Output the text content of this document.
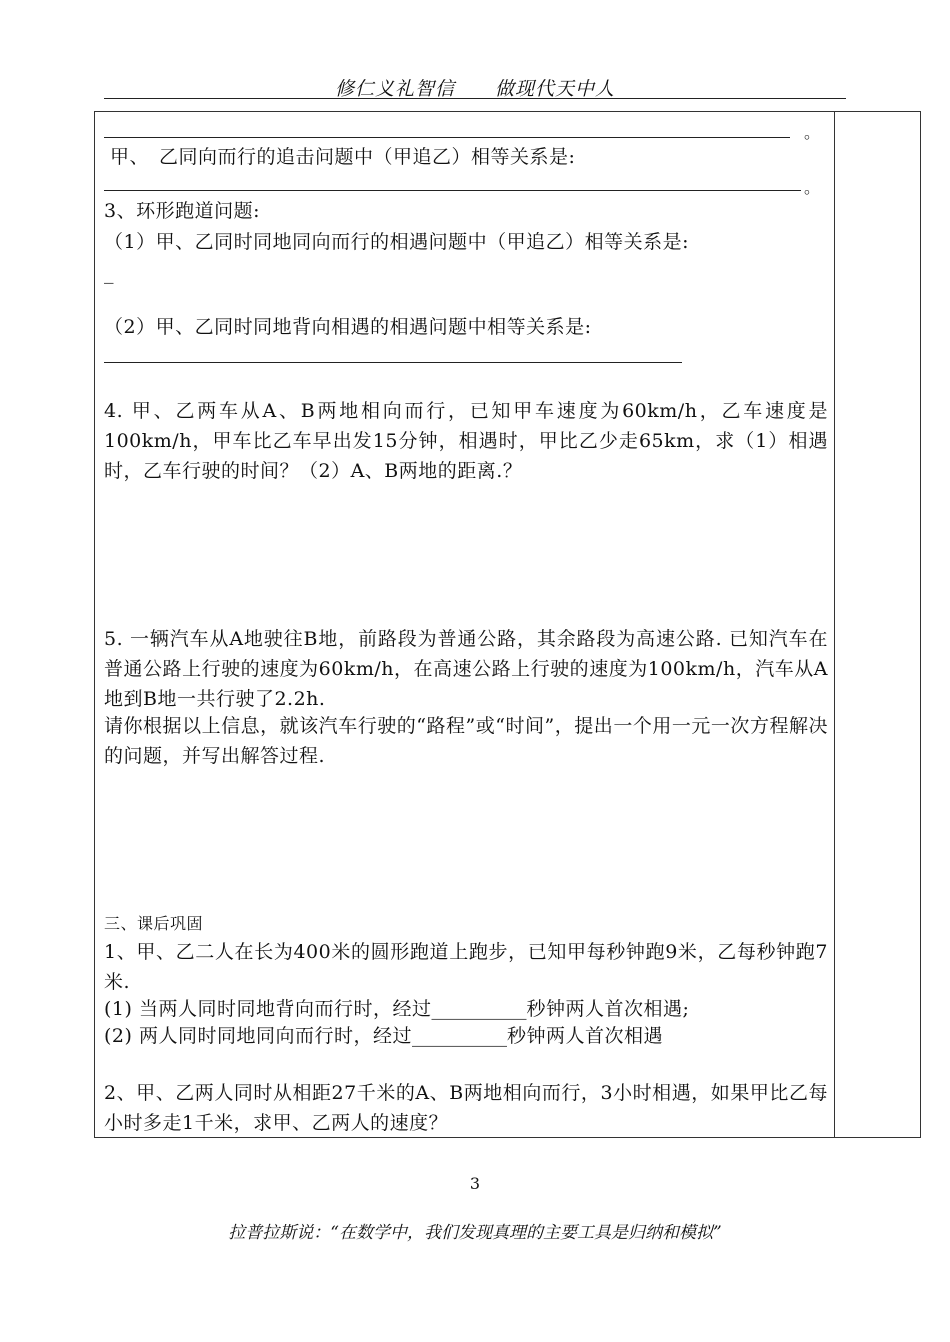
修仁义礼智信　　做现代天中人
。
甲、　乙同向而行的追击问题中（甲追乙）相等关系是:
。
3、环形跑道问题:
（1）甲、乙同时同地同向而行的相遇问题中（甲追乙）相等关系是:
_
（2）甲、乙同时同地背向相遇的相遇问题中相等关系是:
4. 甲、乙两车从A、B两地相向而行，已知甲车速度为60km/h，乙车速度是100km/h，甲车比乙车早出发15分钟，相遇时，甲比乙少走65km，求（1）相遇时，乙车行驶的时间？（2）A、B两地的距离.？
5. 一辆汽车从A地驶往B地，前路段为普通公路，其余路段为高速公路. 已知汽车在普通公路上行驶的速度为60km/h，在高速公路上行驶的速度为100km/h，汽车从A地到B地一共行驶了2.2h.
请你根据以上信息，就该汽车行驶的“路程”或“时间”，提出一个用一元一次方程解决的问题，并写出解答过程.
三、课后巩固
1、甲、乙二人在长为400米的圆形跑道上跑步，已知甲每秒钟跑9米，乙每秒钟跑7米.
(1) 当两人同时同地背向而行时，经过__________秒钟两人首次相遇;
(2) 两人同时同地同向而行时，经过__________秒钟两人首次相遇
2、甲、乙两人同时从相距27千米的A、B两地相向而行，3小时相遇，如果甲比乙每小时多走1千米，求甲、乙两人的速度？
3
拉普拉斯说：“在数学中，我们发现真理的主要工具是归纳和模拟”
